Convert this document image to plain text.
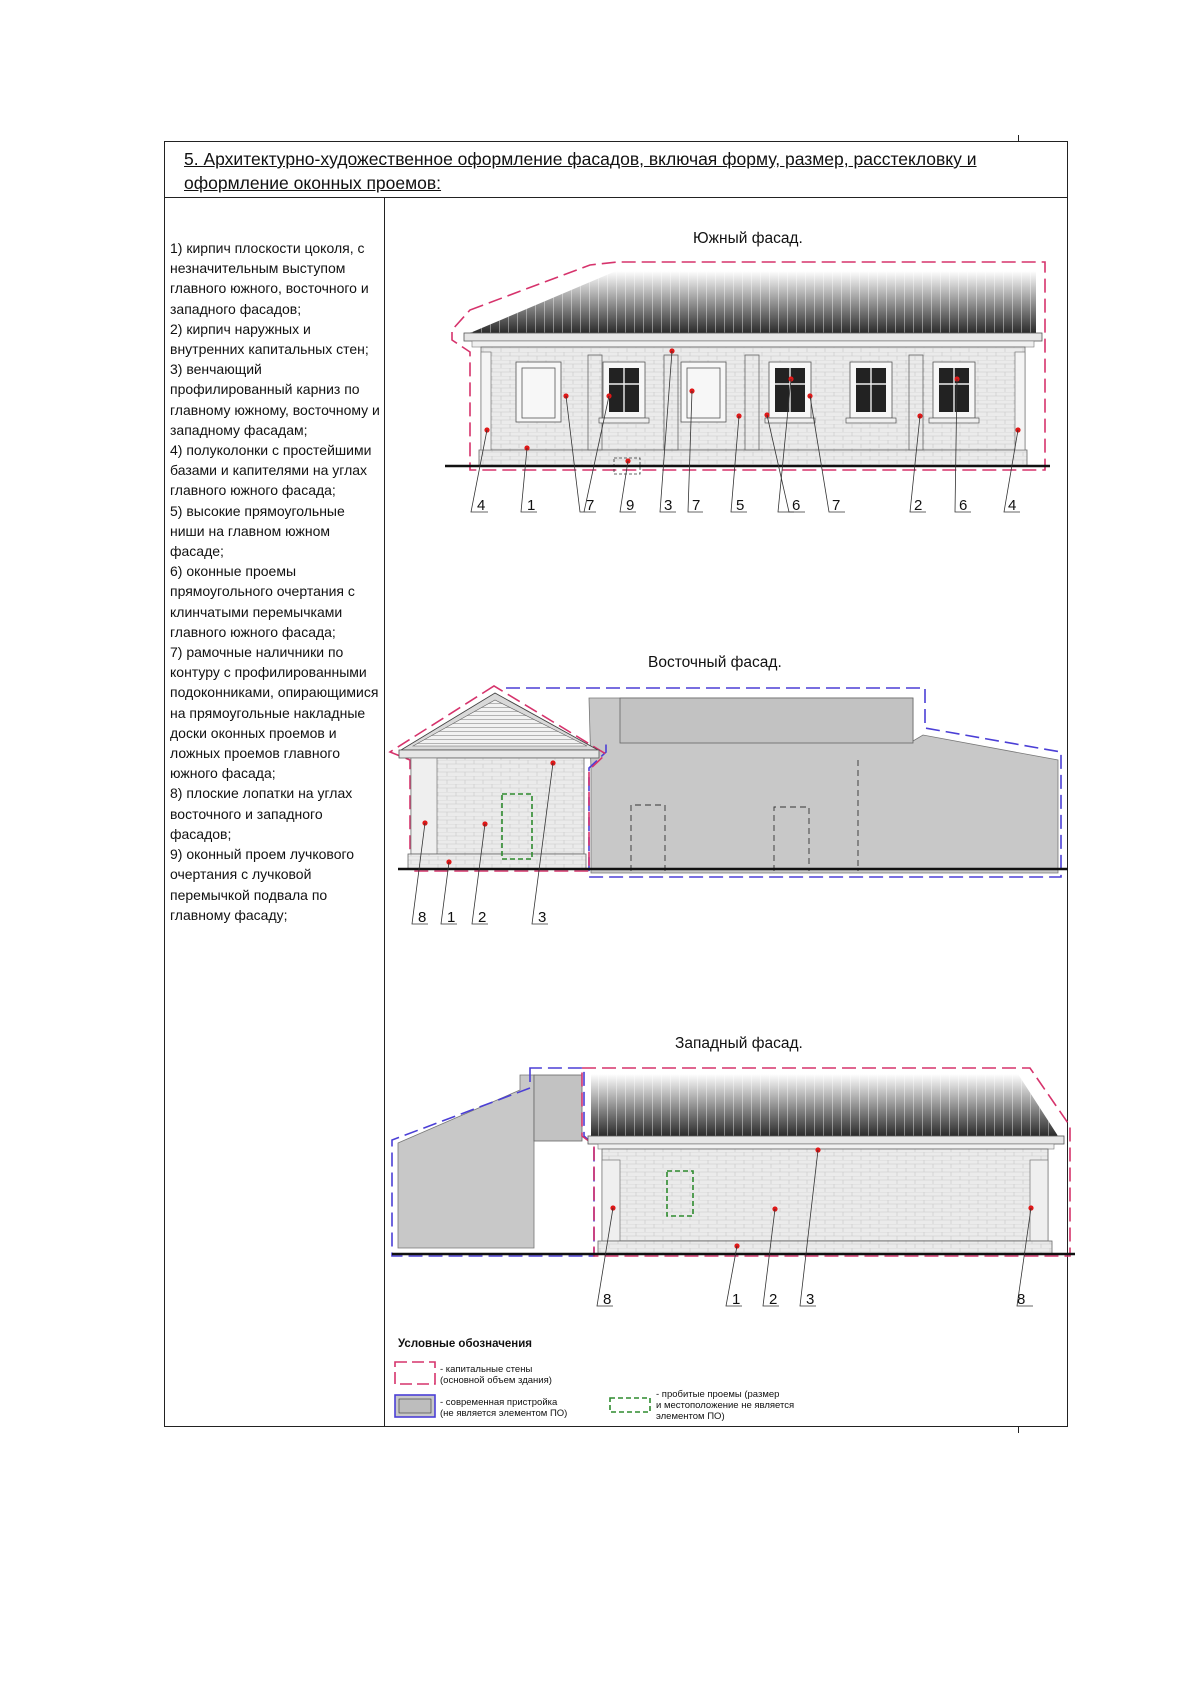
5. Архитектурно-художественное оформление фасадов, включая форму, размер, расстекловку и оформление оконных проемов:

1) кирпич плоскости цоколя, с незначительным выступом главного южного, восточного и западного фасадов;

2) кирпич наружных и внутренних капитальных стен;

3) венчающий профилированный карниз по главному южному, восточному и западному фасадам;

4) полуколонки с простейшими базами и капителями на углах главного южного фасада;

5) высокие прямоугольные ниши на главном южном фасаде;

6) оконные проемы прямоугольного очертания с клинчатыми перемычками главного южного фасада;

7) рамочные наличники по контуру с профилированными подоконниками, опирающимися на прямоугольные накладные доски оконных проемов и ложных проемов главного южного фасада;

8) плоские лопатки на углах восточного и западного фасадов;

9) оконный проем лучкового очертания с лучковой перемычкой подвала по главному фасаду;

Южный фасад.
4	1	7 9 3 7 5	6 7	2 6	4
Восточный фасад.
8 1 2	3
Западный фасад.
8	1 2 3	8
Условные обозначения
- капитальные стены
(основной объем здания)
- современная пристройка
(не является элементом ПО)
- пробитые проемы (размер
и местоположение не является
элементом ПО)
